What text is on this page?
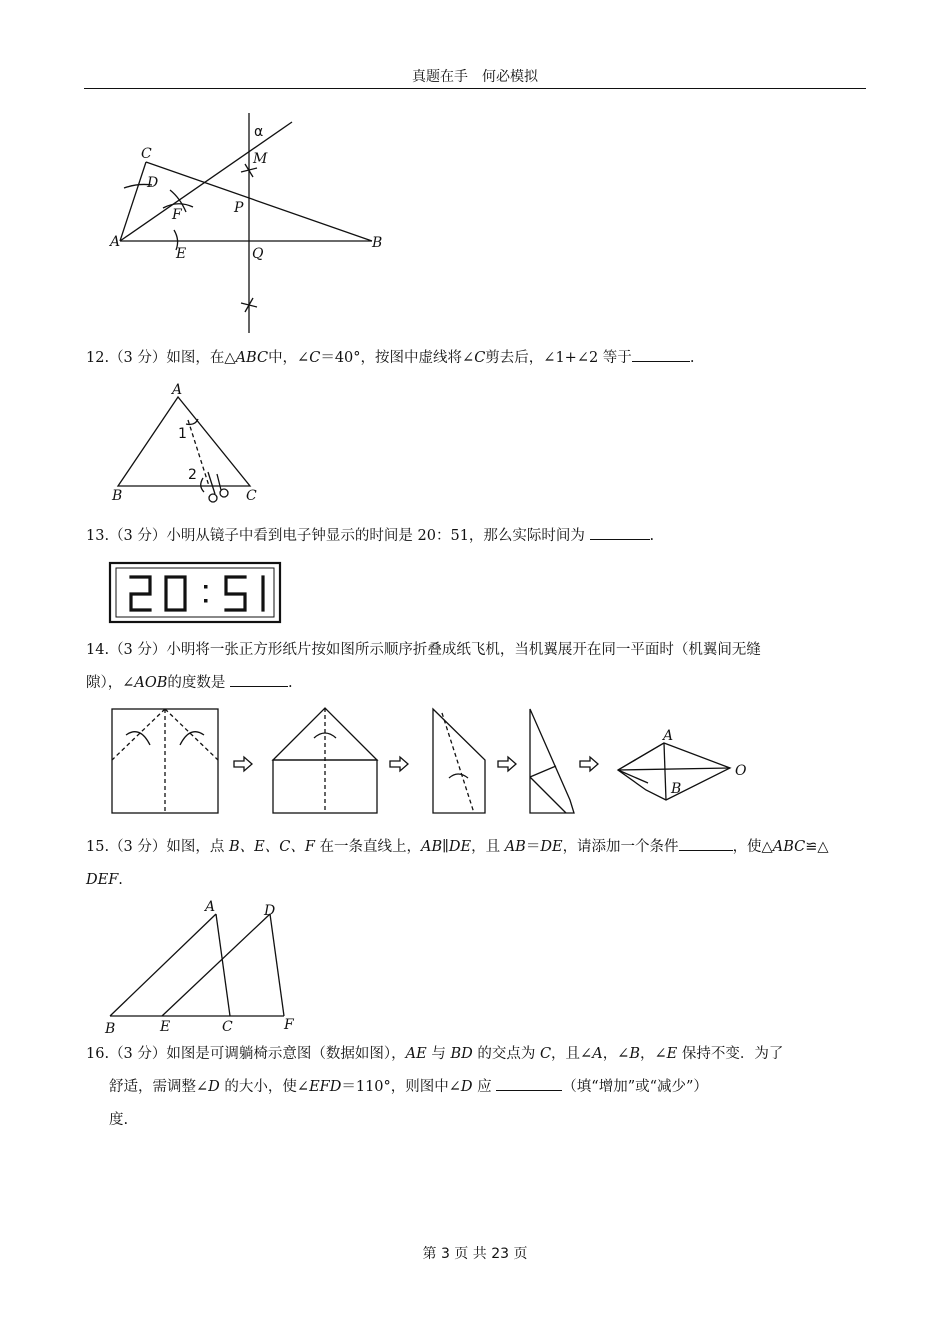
真题在手　何必模拟
α
C	M
D
P
F
A
E	Q
B
12.（3 分）如图，在△ABC中，∠C＝40°，按图中虚线将∠C剪去后，∠1+∠2 等于	.
A
B	C
1
2
13.（3 分）小明从镜子中看到电子钟显示的时间是 20：51，那么实际时间为	.
14.（3 分）小明将一张正方形纸片按如图所示顺序折叠成纸飞机，当机翼展开在同一平面时（机翼间无缝
隙），∠AOB的度数是	.
A
B
O
15.（3 分）如图，点 B、E、C、F 在一条直线上，AB∥DE，且 AB＝DE，请添加一个条件	，使△ABC≌△
DEF.
A	D
B	E	C	F
16.（3 分）如图是可调躺椅示意图（数据如图），AE 与 BD 的交点为 C，且∠A，∠B，∠E 保持不变．为了
舒适，需调整∠D 的大小，使∠EFD＝110°，则图中∠D 应	（填“增加”或“减少”）
度.
第 3 页 共 23 页
